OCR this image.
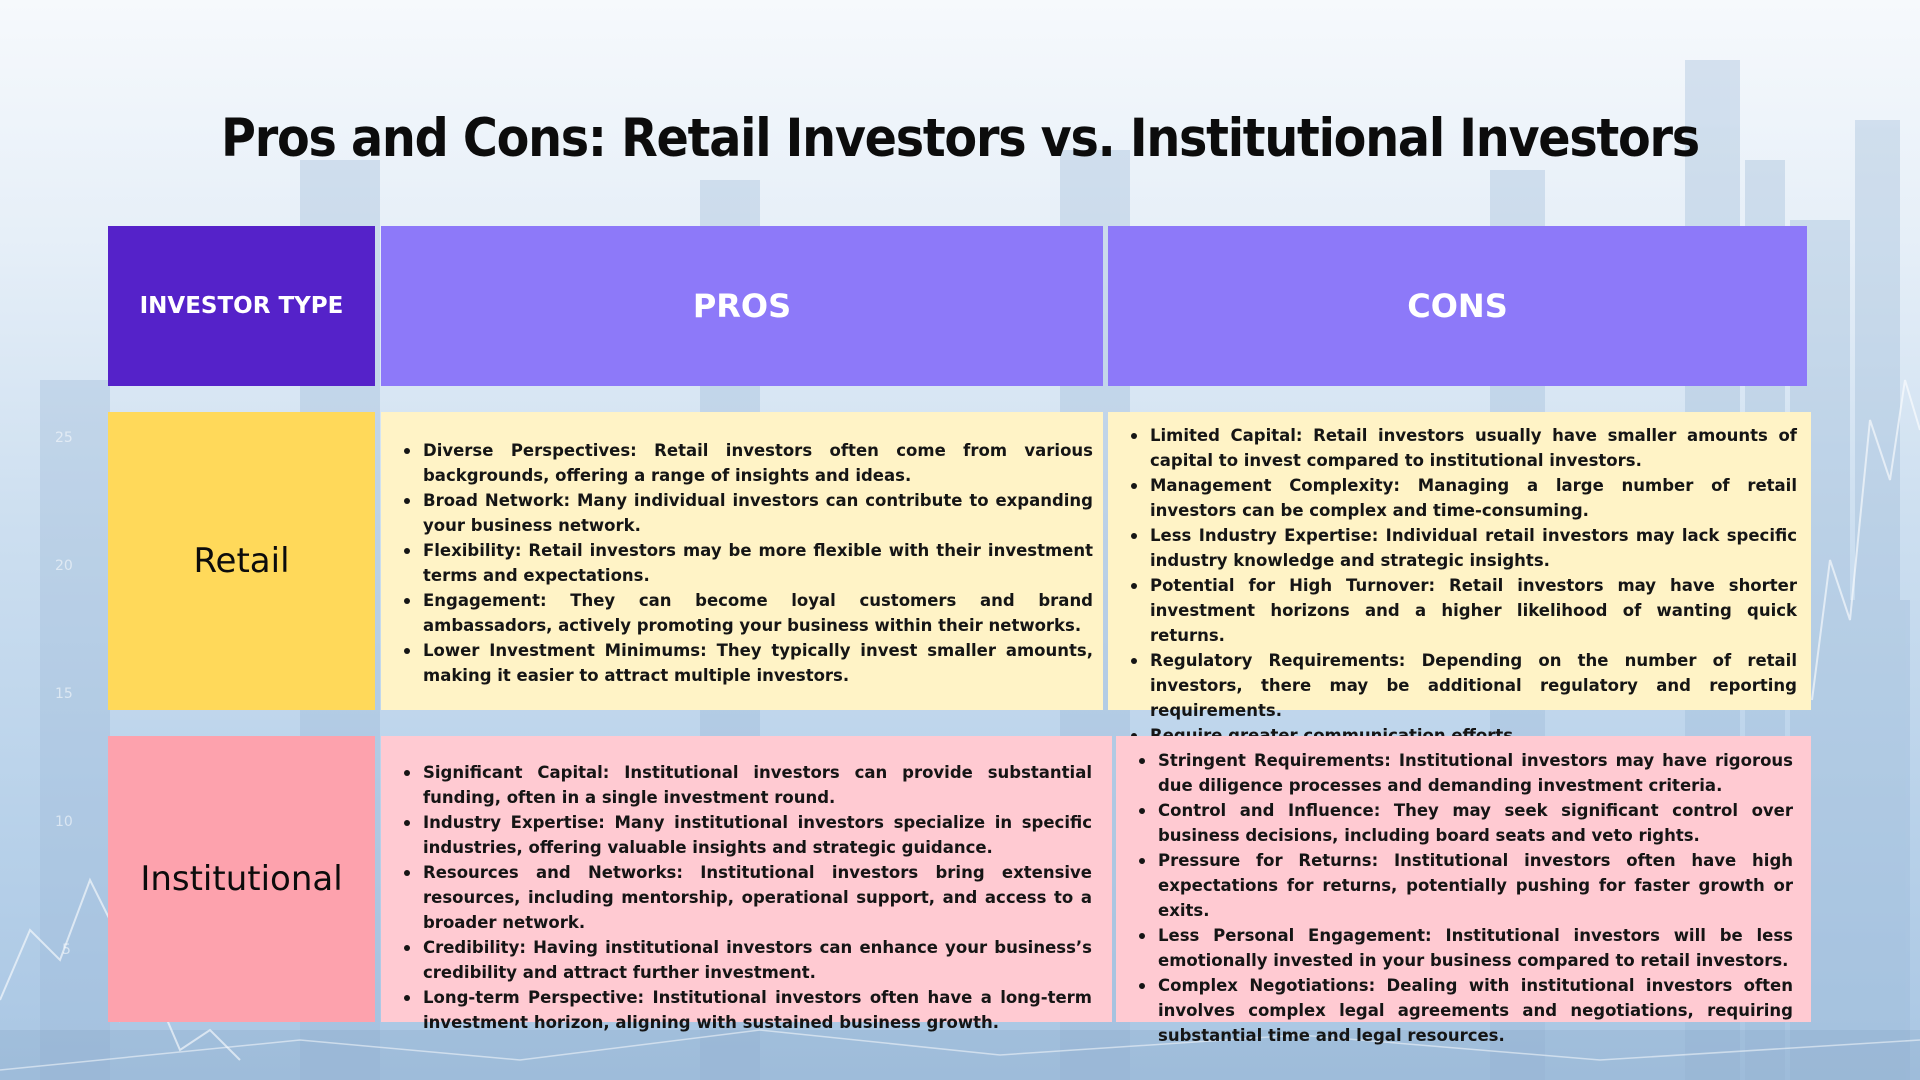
25
20
15
10
5
Pros and Cons: Retail Investors vs. Institutional Investors
INVESTOR TYPE	PROS	CONS
Retail
Diverse Perspectives: Retail investors often come from various backgrounds, offering a range of insights and ideas.
Broad Network: Many individual investors can contribute to expanding your business network.
Flexibility: Retail investors may be more flexible with their investment terms and expectations.
Engagement: They can become loyal customers and brand ambassadors, actively promoting your business within their networks.
Lower Investment Minimums: They typically invest smaller amounts, making it easier to attract multiple investors.
Limited Capital: Retail investors usually have smaller amounts of capital to invest compared to institutional investors.
Management Complexity: Managing a large number of retail investors can be complex and time-consuming.
Less Industry Expertise: Individual retail investors may lack specific industry knowledge and strategic insights.
Potential for High Turnover: Retail investors may have shorter investment horizons and a higher likelihood of wanting quick returns.
Regulatory Requirements: Depending on the number of retail investors, there may be additional regulatory and reporting requirements.
Institutional
Significant Capital: Institutional investors can provide substantial funding, often in a single investment round.
Industry Expertise: Many institutional investors specialize in specific industries, offering valuable insights and strategic guidance.
Resources and Networks: Institutional investors bring extensive resources, including mentorship, operational support, and access to a broader network.
Credibility: Having institutional investors can enhance your business’s credibility and attract further investment.
Long-term Perspective: Institutional investors often have a long-term investment horizon, aligning with sustained business growth.
Stringent Requirements: Institutional investors may have rigorous due diligence processes and demanding investment criteria.
Control and Influence: They may seek significant control over business decisions, including board seats and veto rights.
Pressure for Returns: Institutional investors often have high expectations for returns, potentially pushing for faster growth or exits.
Less Personal Engagement: Institutional investors will be less emotionally invested in your business compared to retail investors.
Complex Negotiations: Dealing with institutional investors often involves complex legal agreements and negotiations, requiring substantial time and legal resources.
